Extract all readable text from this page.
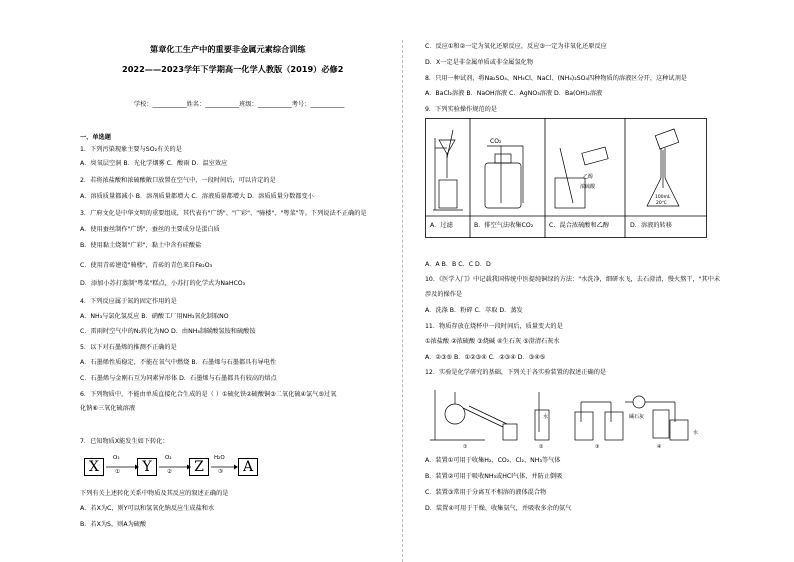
第章化工生产中的重要非金属元素综合训练
2022——2023学年下学期高一化学人教版（2019）必修2
学校：___________姓名：___________班级：___________考号：___________
一、单选题
1．下列污染现象主要与SO₂有关的是
A．臭氧层空洞 B．光化学烟雾 C．酸雨 D．温室效应
2．若将浓盐酸和浓硫酸敞口放置在空气中，一段时间后，可以肯定的是
A．溶质质量都减小 B．溶剂质量都增大 C．溶液质量都增大 D．溶质质量分数都变小
3．广府文化是中华文明的重要组成，其代表有"广绣"、"广彩"、"骑楼"、"粤菜"等。下列说法不正确的是
A．使用蚕丝制作"广绣"，蚕丝的主要成分是蛋白质
B．使用黏土烧制"广彩"，黏土中含有硅酸盐
C．使用青砖建造"骑楼"，青砖的青色来自Fe₂O₃
D．添加小苏打蒸制"粤菜"糕点，小苏打的化学式为NaHCO₃
4．下列反应属于氮的固定作用的是
A．NH₃与氯化氢反应 B．硝酸工厂用NH₃氧化制取NO
C．雷雨时空气中的N₂转化为NO D．由NH₃制碳酸氢铵和硫酸铵
5．以下对石墨烯的推测不正确的是
A．石墨烯性质稳定，不能在氧气中燃烧 B．石墨烯与石墨都具有导电性
C．石墨烯与金刚石互为同素异形体 D．石墨烯与石墨都具有较高的熔点
6．下列物质中，不能由单质直接化合生成的是（ ）①硫化铁②硫酸铜③二氧化硫④氯气⑤过氧
化钠⑥三氧化硫溶液
7．已知物质X能发生如下转化：
X	Y	Z	A
O₂
①
O₂
②
H₂O
③
下列有关上述转化关系中物质及其反应的叙述正确的是
A．若X为C，则Y可以和氢氧化钠反应生成盐和水
B．若X为S，则A为硫酸
C．反应①和②一定为氧化还原反应，反应③一定为非氧化还原反应
D．X一定是非金属单质或非金属氢化物
8．只用一种试剂，将Na₂SO₄、NH₄Cl、NaCl、(NH₄)₂SO₄四种物质的溶液区分开，这种试剂是
A．BaCl₂溶液 B．NaOH溶液 C．AgNO₃溶液 D．Ba(OH)₂溶液
9．下列实验操作规范的是
CO₂
乙醇
浓硫酸
100mL
20℃
A．过滤	B．排空气法收集CO₂	C．混合浓硫酸和乙醇	D．溶液的转移
A．A B．B C．C D．D
10．《医学入门》中记载我国传统中医提纯铜绿的方法："水洗净，细研水飞，去石澄清，慢火熬干，"其中未
涉及的操作是
A．洗涤 B．粉碎 C．萃取 D．蒸发
11．物质存放在烧杯中一段时间后，质量变大的是
①浓盐酸 ②浓硫酸 ③烧碱 ④生石灰 ⑤澄清石灰水
A．②③⑤ B．①②③④ C．②③④ D．③④⑤
12．实验是化学研究的基础，下列关于各实验装置的叙述正确的是
水	碱石灰
水
①	②	③	④
A．装置①可用于收集H₂、CO₂、Cl₂、NH₃等气体
B．装置②可用于吸收NH₃或HCl气体，并防止倒吸
C．装置③常用于分离互不相溶的液体混合物
D．装置④可用于干燥、收集氨气，并吸收多余的氨气
